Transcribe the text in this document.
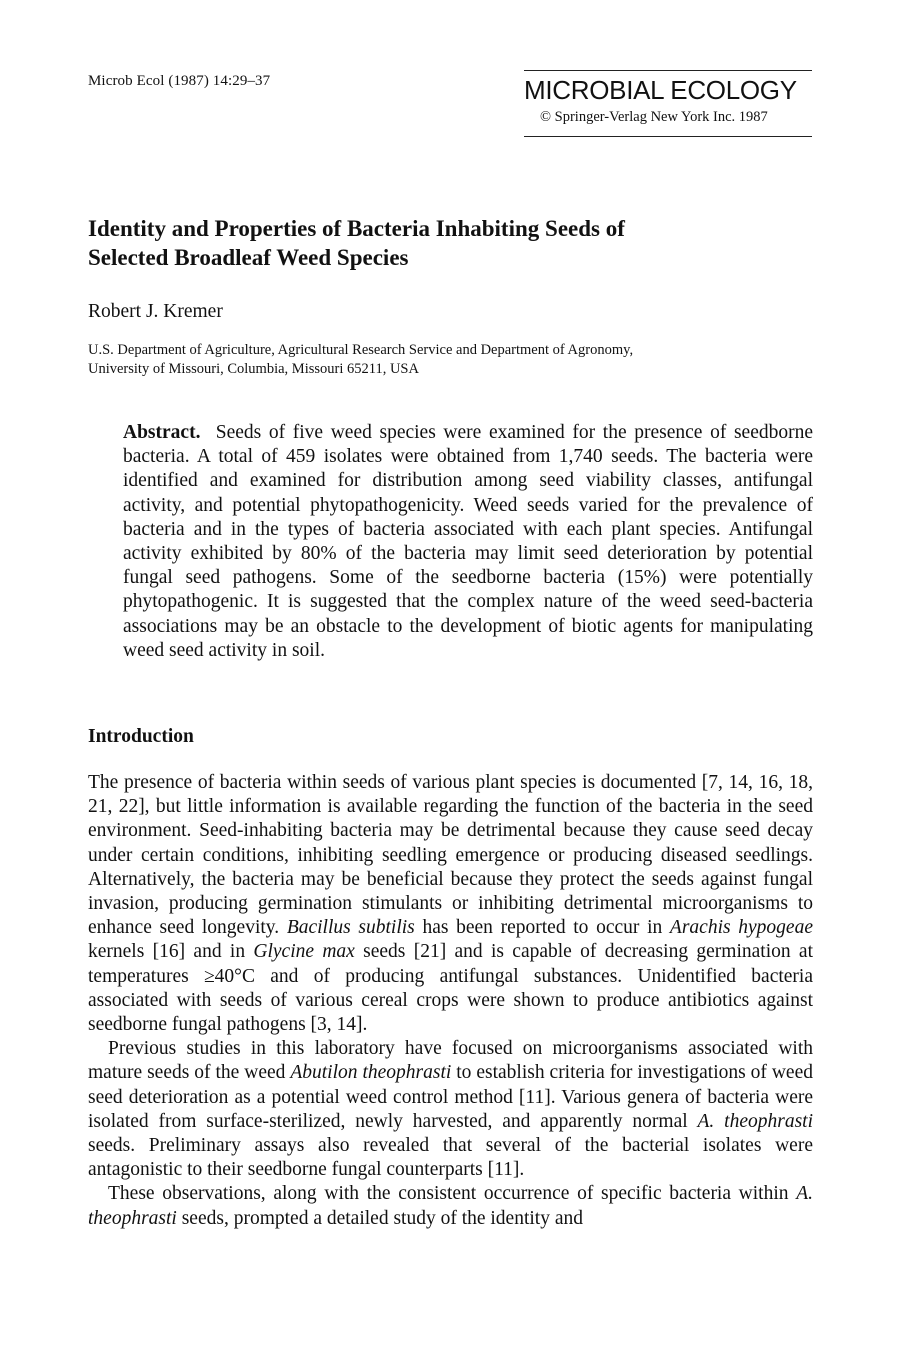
Microb Ecol (1987) 14:29–37	MICROBIAL ECOLOGY
© Springer-Verlag New York Inc. 1987
Identity and Properties of Bacteria Inhabiting Seeds of
Selected Broadleaf Weed Species
Robert J. Kremer
U.S. Department of Agriculture, Agricultural Research Service and Department of Agronomy,
University of Missouri, Columbia, Missouri 65211, USA

Abstract. Seeds of five weed species were examined for the presence of seedborne bacteria. A total of 459 isolates were obtained from 1,740 seeds. The bacteria were identified and examined for distribution among seed viability classes, antifungal activity, and potential phytopathogenicity. Weed seeds varied for the prevalence of bacteria and in the types of bacteria associated with each plant species. Antifungal activity exhibited by 80% of the bacteria may limit seed deterioration by potential fungal seed pathogens. Some of the seedborne bacteria (15%) were potentially phytopathogenic. It is suggested that the complex nature of the weed seed-bacteria associations may be an obstacle to the development of biotic agents for manipulating weed seed activity in soil.

Introduction

The presence of bacteria within seeds of various plant species is documented [7, 14, 16, 18, 21, 22], but little information is available regarding the function of the bacteria in the seed environment. Seed-inhabiting bacteria may be detrimental because they cause seed decay under certain conditions, inhibiting seedling emergence or producing diseased seedlings. Alternatively, the bacteria may be beneficial because they protect the seeds against fungal invasion, producing germination stimulants or inhibiting detrimental microorganisms to enhance seed longevity. Bacillus subtilis has been reported to occur in Arachis hypogeae kernels [16] and in Glycine max seeds [21] and is capable of decreasing germination at temperatures ≥40°C and of producing antifungal substances. Unidentified bacteria associated with seeds of various cereal crops were shown to produce antibiotics against seedborne fungal pathogens [3, 14].

Previous studies in this laboratory have focused on microorganisms associated with mature seeds of the weed Abutilon theophrasti to establish criteria for investigations of weed seed deterioration as a potential weed control method [11]. Various genera of bacteria were isolated from surface-sterilized, newly harvested, and apparently normal A. theophrasti seeds. Preliminary assays also revealed that several of the bacterial isolates were antagonistic to their seedborne fungal counterparts [11].

These observations, along with the consistent occurrence of specific bacteria within A. theophrasti seeds, prompted a detailed study of the identity and
